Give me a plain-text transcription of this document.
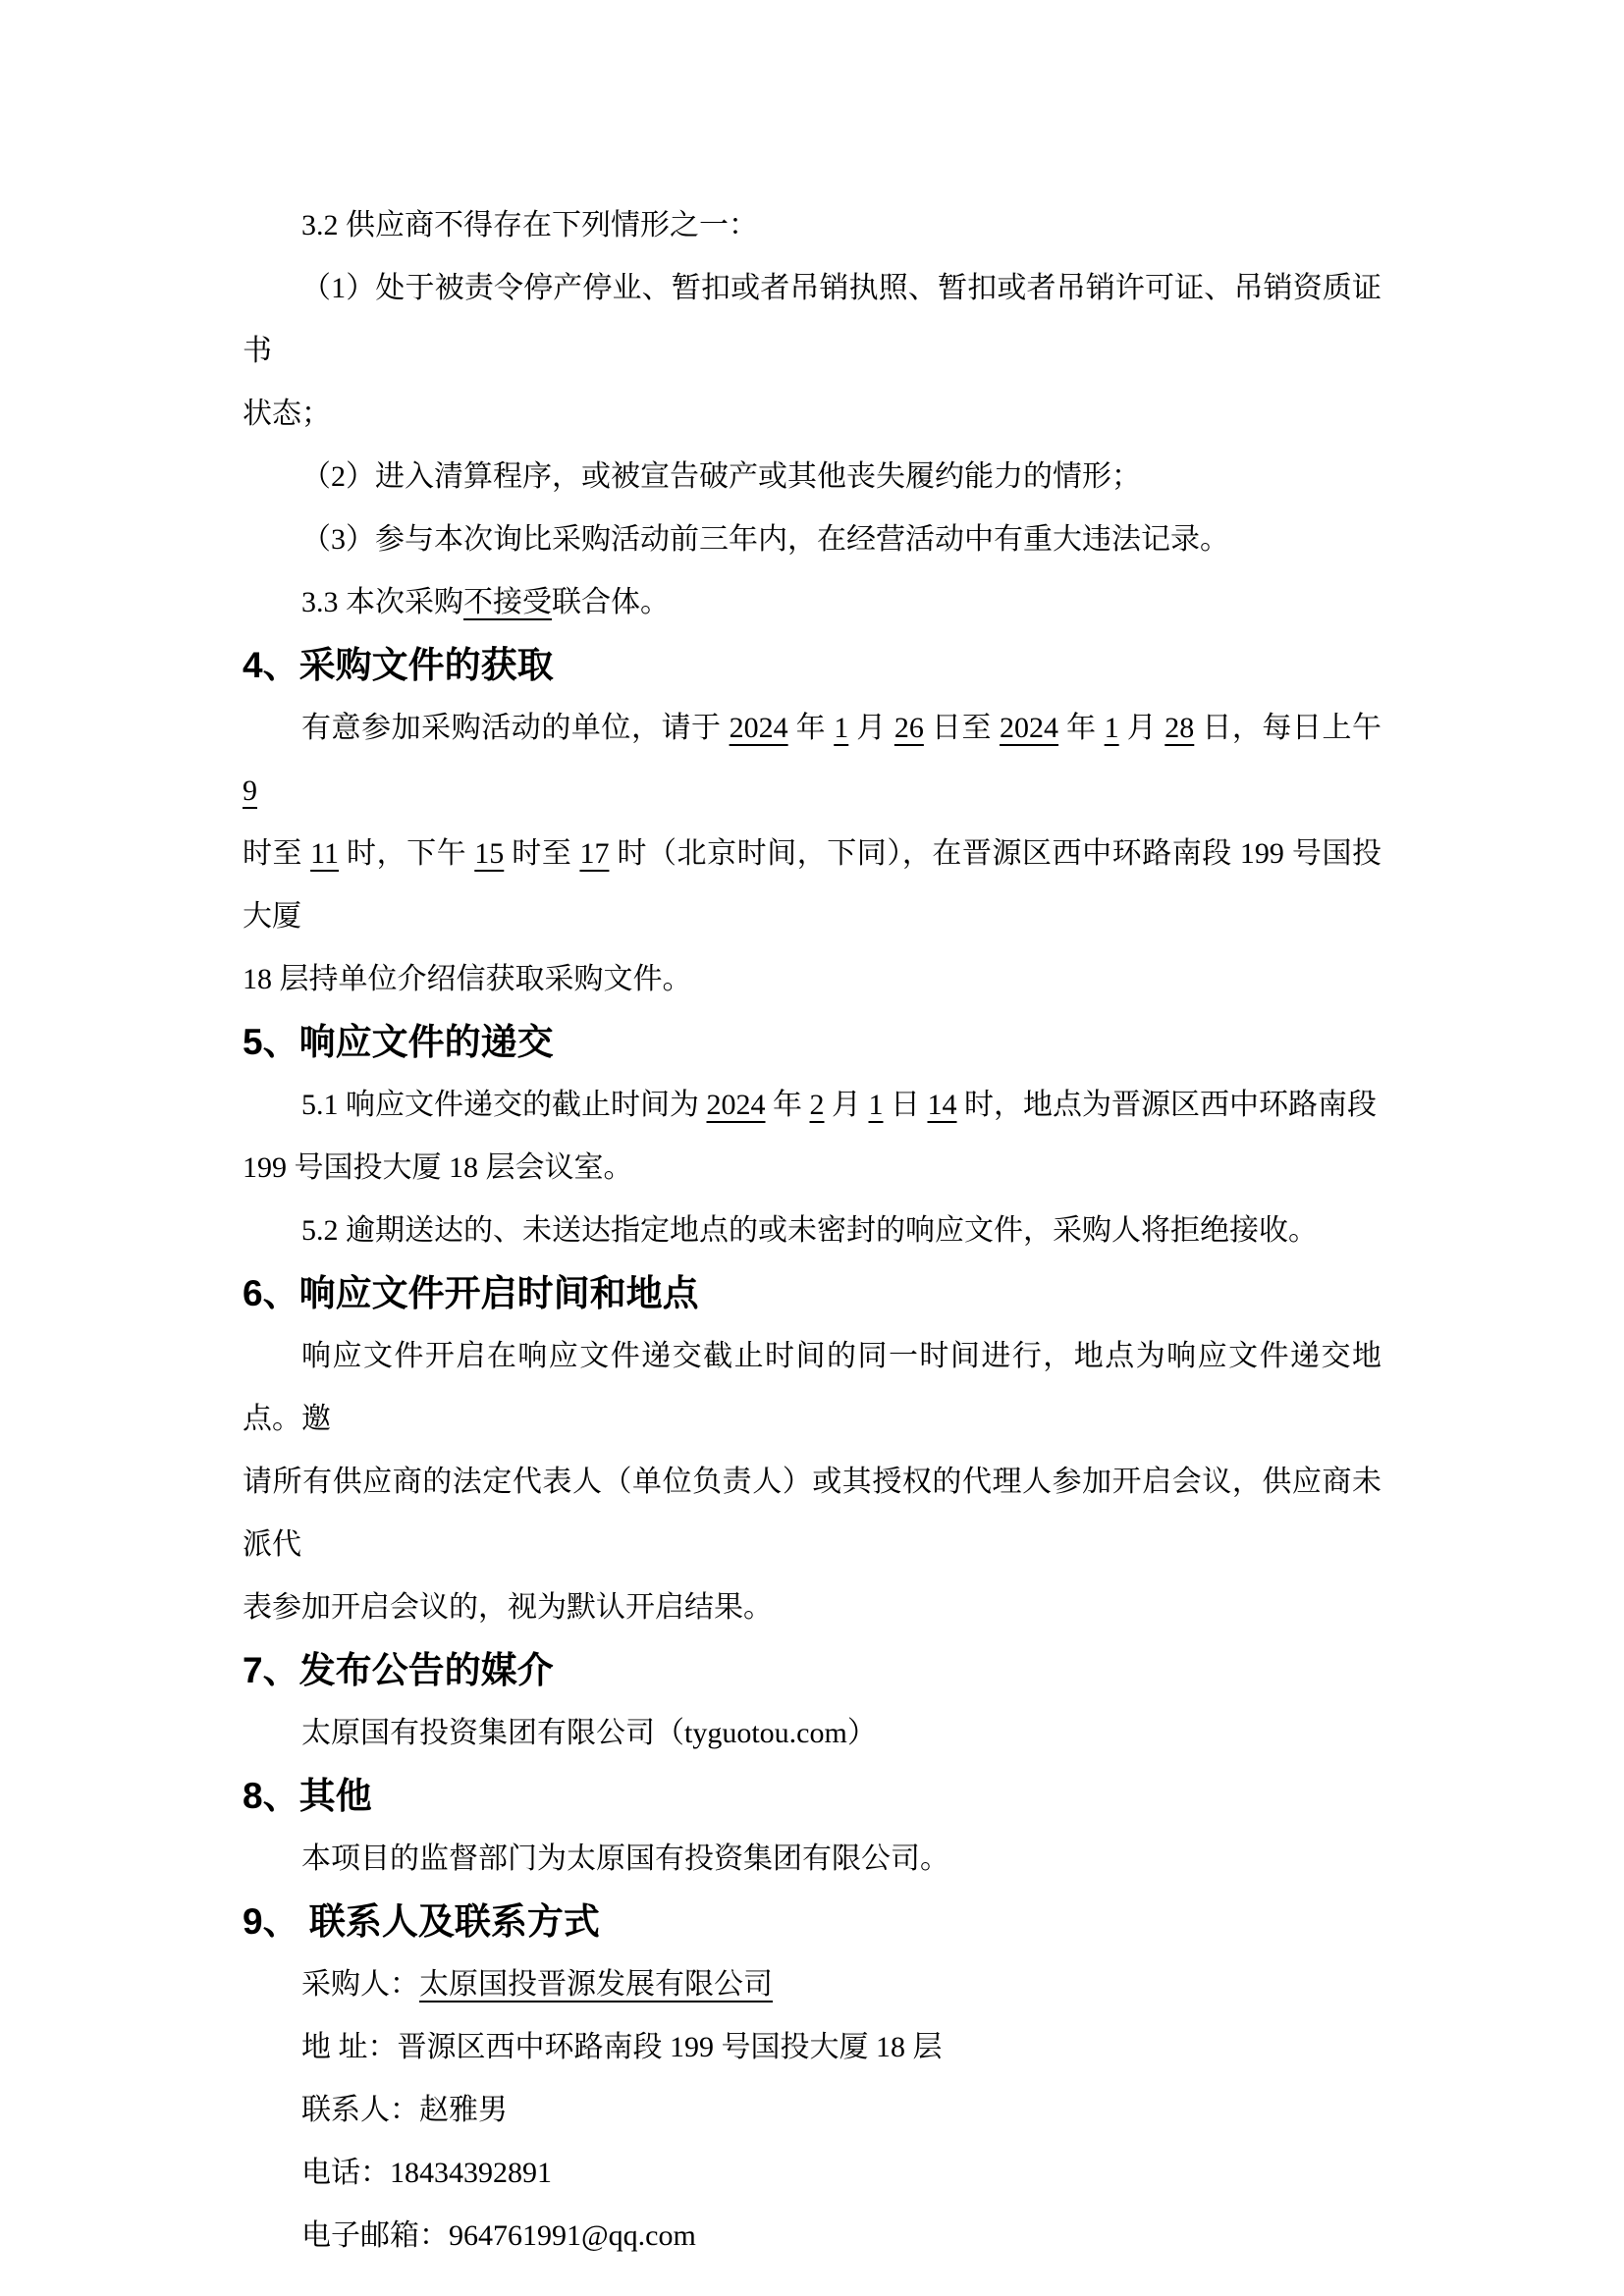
3.2 供应商不得存在下列情形之一：

（1）处于被责令停产停业、暂扣或者吊销执照、暂扣或者吊销许可证、吊销资质证书
状态；

（2）进入清算程序，或被宣告破产或其他丧失履约能力的情形；

（3）参与本次询比采购活动前三年内，在经营活动中有重大违法记录。

3.3 本次采购不接受联合体。

4、采购文件的获取

有意参加采购活动的单位，请于 2024 年 1 月 26 日至 2024 年 1 月 28 日，每日上午 9
时至 11 时，下午 15 时至 17 时（北京时间，下同），在晋源区西中环路南段 199 号国投大厦
18 层持单位介绍信获取采购文件。

5、响应文件的递交

5.1 响应文件递交的截止时间为 2024 年 2 月 1 日 14 时，地点为晋源区西中环路南段
199 号国投大厦 18 层会议室。

5.2 逾期送达的、未送达指定地点的或未密封的响应文件，采购人将拒绝接收。

6、响应文件开启时间和地点

响应文件开启在响应文件递交截止时间的同一时间进行，地点为响应文件递交地点。邀
请所有供应商的法定代表人（单位负责人）或其授权的代理人参加开启会议，供应商未派代
表参加开启会议的，视为默认开启结果。

7、发布公告的媒介

太原国有投资集团有限公司（tyguotou.com）

8、其他

本项目的监督部门为太原国有投资集团有限公司。

9、 联系人及联系方式

采购人：太原国投晋源发展有限公司

地 址：晋源区西中环路南段 199 号国投大厦 18 层

联系人：赵雅男

电话：18434392891

电子邮箱：964761991@qq.com
